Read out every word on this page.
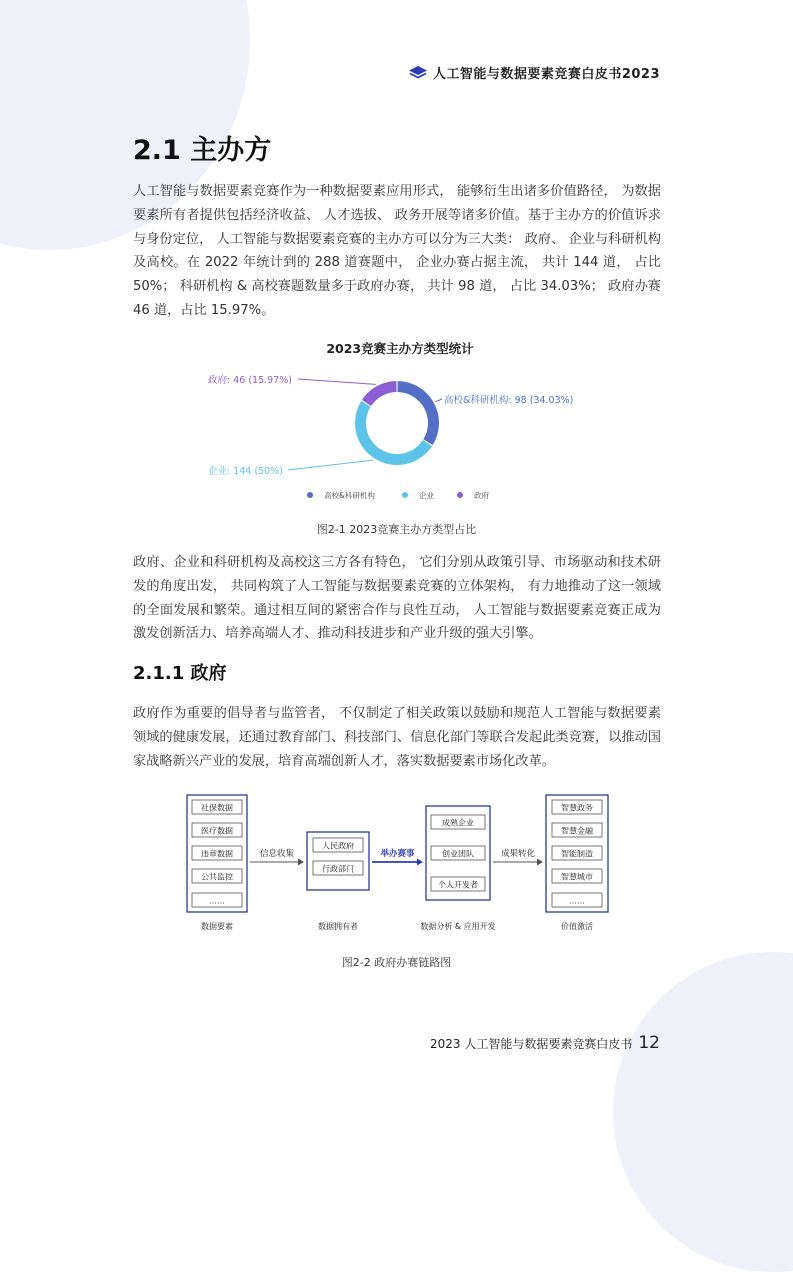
人工智能与数据要素竞赛白皮书2023
2.1 主办方

人工智能与数据要素竞赛作为一种数据要素应用形式， 能够衍生出诸多价值路径， 为数据要素所有者提供包括经济收益、 人才选拔、 政务开展等诸多价值。基于主办方的价值诉求与身份定位， 人工智能与数据要素竞赛的主办方可以分为三大类： 政府、 企业与科研机构及高校。在 2022 年统计到的 288 道赛题中， 企业办赛占据主流， 共计 144 道， 占比 50%； 科研机构 & 高校赛题数量多于政府办赛， 共计 98 道， 占比 34.03%； 政府办赛 46 道，占比 15.97%。

2023竞赛主办方类型统计
高校&科研机构: 98 (34.03%)
企业: 144 (50%)
政府: 46 (15.97%)
高校&科研机构	企业	政府
图2-1 2023竞赛主办方类型占比

政府、企业和科研机构及高校这三方各有特色， 它们分别从政策引导、市场驱动和技术研发的角度出发， 共同构筑了人工智能与数据要素竞赛的立体架构， 有力地推动了这一领域的全面发展和繁荣。通过相互间的紧密合作与良性互动， 人工智能与数据要素竞赛正成为激发创新活力、培养高端人才、推动科技进步和产业升级的强大引擎。

2.1.1 政府

政府作为重要的倡导者与监管者， 不仅制定了相关政策以鼓励和规范人工智能与数据要素领域的健康发展，还通过教育部门、科技部门、信息化部门等联合发起此类竞赛，以推动国家战略新兴产业的发展，培育高端创新人才，落实数据要素市场化改革。

社保数据
医疗数据
违章数据
公共监控
……
数据要素
人民政府
行政部门
数据拥有者
成熟企业
创业团队
个人开发者
数据分析 & 应用开发
智慧政务
智慧金融
智能制造
智慧城市
……
价值激活
信息收集	举办赛事	成果转化
图2-2 政府办赛链路图
2023 人工智能与数据要素竞赛白皮书 12
